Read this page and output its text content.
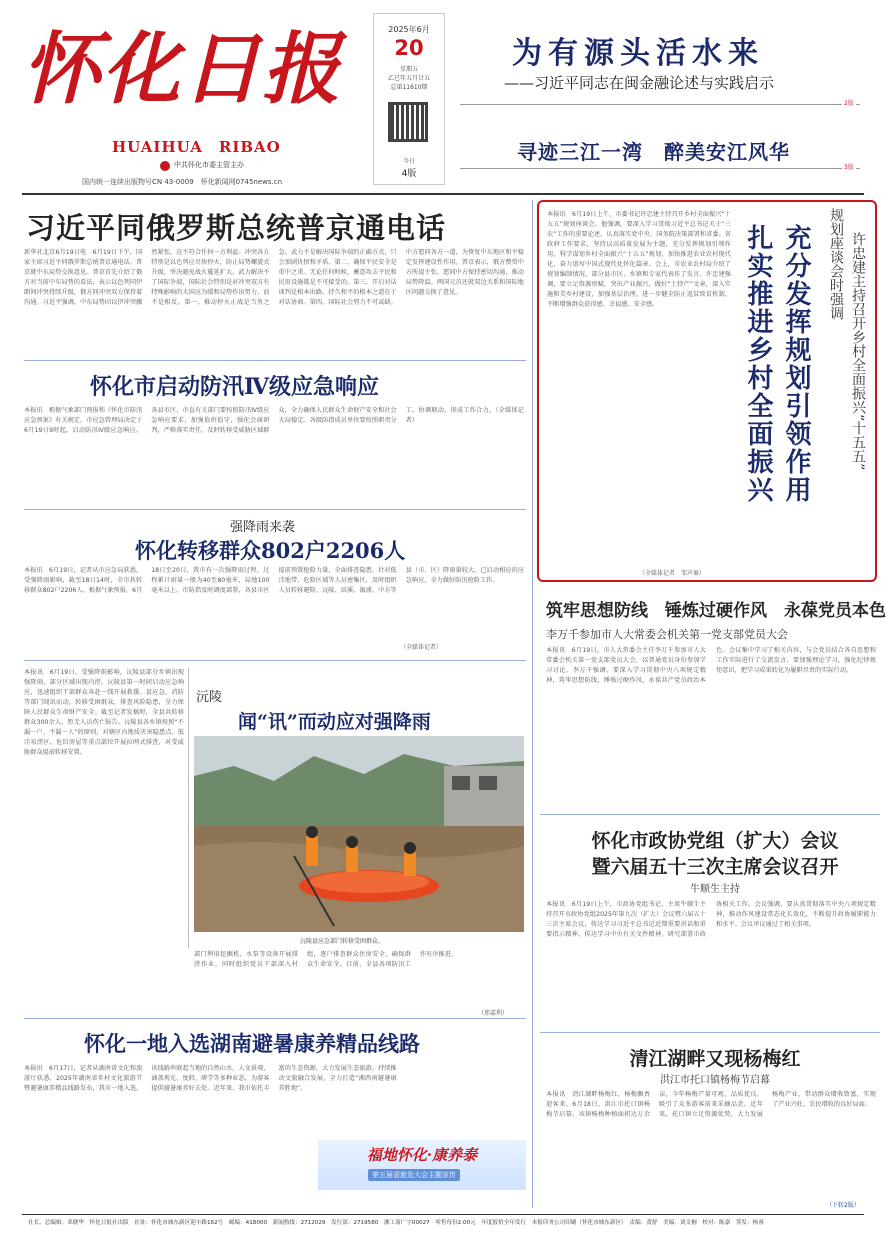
怀化日报
HUAIHUA　RIBAO
中共怀化市委主管主办
国内统一连续出版物号CN 43-0009　怀化新闻网0745news.cn
2025年6月
20
星期五
乙巳年五月廿五
总第11610期
今日
4版
为有源头活水来
——习近平同志在闽金融论述与实践启示
2版
寻迹三江一湾　醉美安江风华
3版
习近平同俄罗斯总统普京通电话
新华社北京6月19日电　6月19日下午，国家主席习近平同俄罗斯总统普京通电话。普京就中东局势交换意见。普京首先介绍了俄方对当前中东局势的看法，表示以色列同伊朗间冲突持续升级，俄方同冲突双方保持着沟通。习近平强调，中东局势因以伊冲突骤然紧张，这不符合任何一方利益。冲突各方特别是以色列应尽快停火，防止局势螺旋式升级，坚决避免战火蔓延扩大。武力解决不了国际争端，国际社会特别是对冲突双方有特殊影响的大国应为缓和局势作出努力，而不是相反。第一，推动停火止战是当务之急。武力不是解决国际争端的正确方式，只会加剧仇恨和矛盾。第二，确保平民安全是重中之重。无论任何时候，蓄意攻击平民和民用设施都是不可接受的。第三，开启对话谈判是根本出路。持久和平的根本之道在于对话协商。第四，国际社会努力不可或缺。中方愿同各方一道，为恢复中东地区和平稳定发挥建设性作用。普京表示，俄方赞赏中方所提主张，愿同中方保持密切沟通，推动局势降温。两国元首还就双边关系和国际地区问题交换了意见。
怀化市启动防汛Ⅳ级应急响应
本报讯　根据气象部门预报和《怀化市防汛应急预案》有关规定，市应急管理局决定于6月19日9时起，启动防汛Ⅳ级应急响应。各县市区、市直有关部门要按照防汛Ⅳ级应急响应要求，加强值班值守，强化会商研判，严格落实责任，及时转移受威胁区域群众，全力确保人民群众生命财产安全和社会大局稳定。各级防指成员单位要按照职责分工，协调联动，形成工作合力。（全媒体记者）
强降雨来袭
怀化转移群众802户2206人
本报讯　6月19日，记者从市应急局获悉，受强降雨影响，截至18日14时，全市共转移群众802户2206人。根据气象预报，6月18日至20日，我市有一次强降雨过程，过程累计雨量一般为40至80毫米，局地100毫米以上。市防指及时调度部署，各县市区提前预置抢险力量，全面排查隐患，针对低洼地带、危险区域等人员密集区，及时组织人员转移避险。沅陵、辰溪、溆浦、中方等县（市、区）降雨量较大，已启动相应的应急响应，全力做好防汛抢险工作。
（全媒体记者）
本报讯　6月19日，受强降雨影响，沅陵县部分乡镇出现强降雨，部分区域出现内涝。沅陵县第一时间启动应急响应，迅速组织干部群众奔赴一线开展救援。县应急、消防等部门闻讯而动，转移受困群众，排查风险隐患，全力保障人民群众生命财产安全。截至记者发稿时，全县共转移群众300余人，暂无人员伤亡报告。沅陵县各乡镇按照“不漏一户、不漏一人”的原则，对辖区内地质灾害隐患点、低洼易涝区、危旧房屋等重点部位开展拉网式排查，对受威胁群众提前转移安置。
沅陵
闻“讯”而动应对强降雨
沅陵县应急部门转移受困群众。
部门利用挖掘机、水泵等设备开展排涝作业，同时组织党员干部深入村组，逐户排查群众住房安全，确保群众生命安全。目前，全县各项防汛工作有序推进。
（邢嘉利）
怀化一地入选湖南避暑康养精品线路
本报讯　6月17日，记者从湖南省文化和旅游厅获悉，2025年湖南省乡村文化旅游节暨避暑康养精品线路发布，我市一地入选。该线路串联起当地的自然山水、人文景观，涵盖观光、度假、研学等多种业态，为游客提供避暑康养好去处。近年来，我市依托丰富的生态资源，大力发展生态旅游，持续推动文旅融合发展，全力打造“湘西南避暑康养胜地”。
福地怀化·康养泰
第五届省旅发大会主题宣传
本报讯　6月19日上午，市委书记许忠建主持召开乡村全面振兴“十五五”规划座谈会。他强调，要深入学习贯彻习近平总书记关于“三农”工作的重要论述，认真落实党中央、国务院决策部署和省委、省政府工作要求，坚持以高质量发展为主题，充分发挥规划引领作用，科学谋划乡村全面振兴“十五五”规划，加快推进农业农村现代化，奋力谱写中国式现代化怀化篇章。会上，市农业农村局介绍了规划编制情况，部分县市区、乡镇和专家代表作了发言。许忠建强调，要立足资源禀赋，突出产业振兴，做好“土特产”文章，深入实施和美乡村建设，加强基层治理，进一步健全防止返贫致贫机制，不断增强群众获得感、幸福感、安全感。
（全媒体记者　邹声裔）
充分发挥规划引领作用　扎实推进乡村全面振兴	规划座谈会时强调 许忠建主持召开乡村全面振兴“十五五”
筑牢思想防线　锤炼过硬作风　永葆党员本色
李万千参加市人大常委会机关第一党支部党员大会
本报讯　6月19日，市人大常委会主任李万千参加市人大常委会机关第一党支部党员大会，以普通党员身份参加学习讨论。李万千强调，要深入学习贯彻中央八项规定精神，筑牢思想防线，锤炼过硬作风，永葆共产党员政治本色。会议集中学习了相关内容，与会党员结合各自思想和工作实际进行了交流发言。要加强理论学习，强化纪律规矩意识，把学习成果转化为履职尽责的实际行动。
怀化市政协党组（扩大）会议
暨六届五十三次主席会议召开
牛顺生主持
本报讯　6月19日上午，市政协党组书记、主席牛顺生主持召开市政协党组2025年第九次（扩大）会议暨六届五十三次主席会议，传达学习习近平总书记近期重要讲话和重要指示精神，传达学习中央有关文件精神，研究部署市政协相关工作。会议强调，要认真贯彻落实中央八项规定精神，推动作风建设常态化长效化，不断提升政协履职能力和水平。会议审议通过了相关事项。
清江湖畔又现杨梅红
洪江市托口镇杨梅节启幕
本报讯　清江湖畔杨梅红，杨梅飘香迎客来。6月18日，洪江市托口镇杨梅节启幕。该镇杨梅种植面积达万余亩，今年杨梅产量可观，品质优良，吸引了众多游客前来采摘品尝。近年来，托口镇立足资源优势，大力发展杨梅产业，带动群众增收致富，实现了产业兴旺、农民增收的良好局面。
（下转2版）
社长、总编辑：邓晓华　怀化日报社出版　社址：怀化市城东新区迎丰路162号　邮编：418000　新闻热线：2712029　发行部：2719580　湘工商广字00027　零售每份2.00元　年度报价全年发行　本报印务公司印刷（怀化市城东新区）　责编：黄舒　美编：刘文桐　校对：陈嘉　签发：杨睿
